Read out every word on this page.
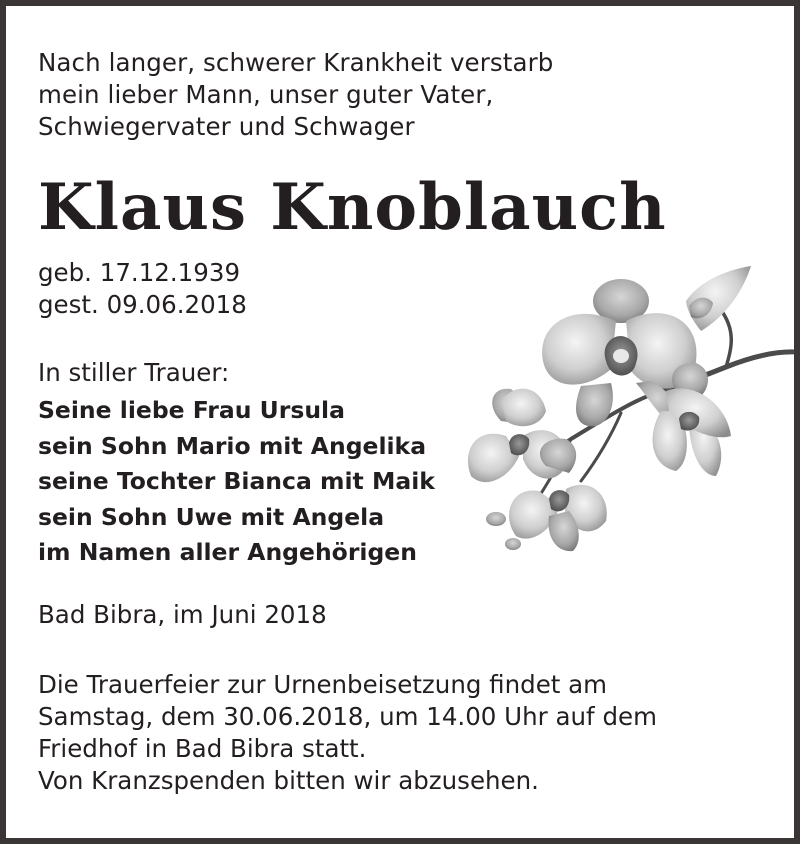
Nach langer, schwerer Krankheit verstarb
mein lieber Mann, unser guter Vater,
Schwiegervater und Schwager

Klaus Knoblauch

geb. 17.12.1939
gest. 09.06.2018

In stiller Trauer:

Seine liebe Frau Ursula
sein Sohn Mario mit Angelika
seine Tochter Bianca mit Maik
sein Sohn Uwe mit Angela
im Namen aller Angehörigen

Bad Bibra, im Juni 2018

Die Trauerfeier zur Urnenbeisetzung findet am
Samstag, dem 30.06.2018, um 14.00 Uhr auf dem
Friedhof in Bad Bibra statt.
Von Kranzspenden bitten wir abzusehen.
